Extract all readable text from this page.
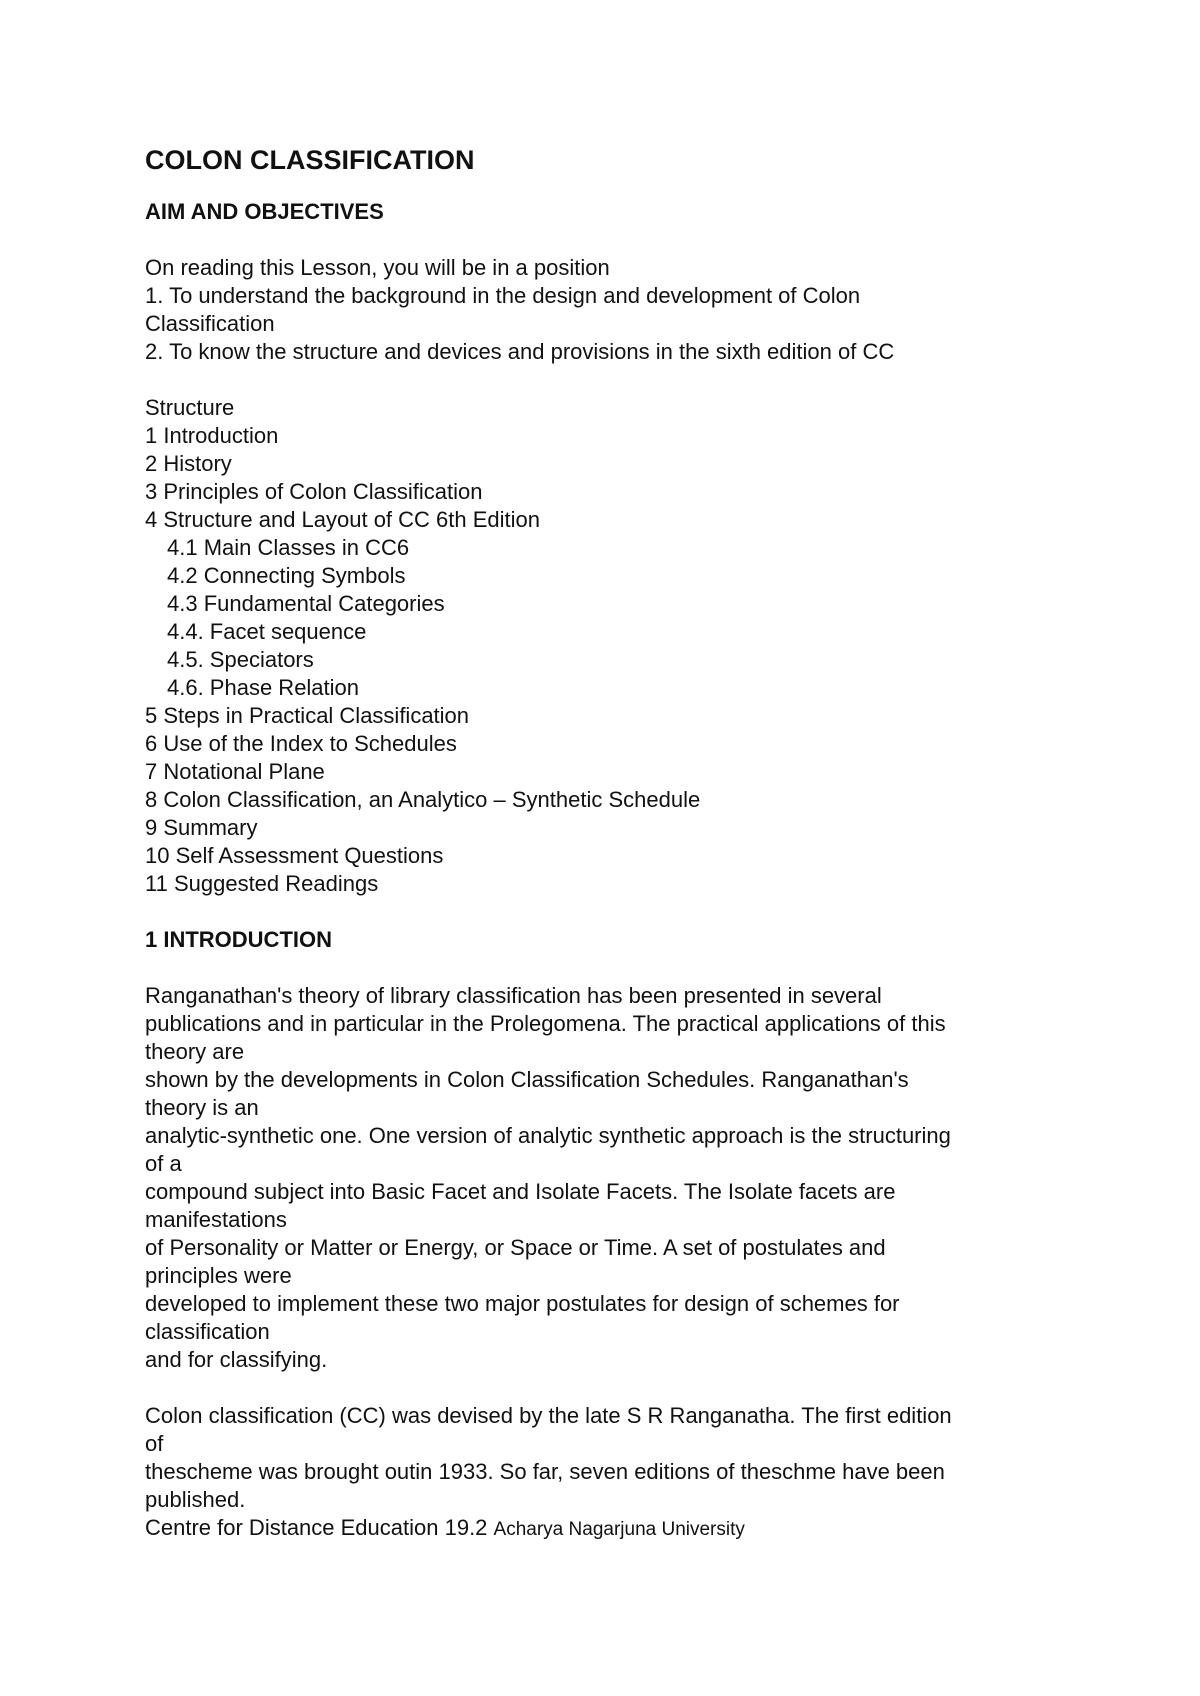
COLON CLASSIFICATION
AIM AND OBJECTIVES
On reading this Lesson, you will be in a position
1. To understand the background in the design and development of Colon
Classification
2. To know the structure and devices and provisions in the sixth edition of CC
Structure
1 Introduction
2 History
3 Principles of Colon Classification
4 Structure and Layout of CC 6th Edition
4.1 Main Classes in CC6
4.2 Connecting Symbols
4.3 Fundamental Categories
4.4. Facet sequence
4.5. Speciators
4.6. Phase Relation
5 Steps in Practical Classification
6 Use of the Index to Schedules
7 Notational Plane
8 Colon Classification, an Analytico – Synthetic Schedule
9 Summary
10 Self Assessment Questions
11 Suggested Readings
1 INTRODUCTION
Ranganathan's theory of library classification has been presented in several
publications and in particular in the Prolegomena. The practical applications of this
theory are
shown by the developments in Colon Classification Schedules. Ranganathan's
theory is an
analytic-synthetic one. One version of analytic synthetic approach is the structuring
of a
compound subject into Basic Facet and Isolate Facets. The Isolate facets are
manifestations
of Personality or Matter or Energy, or Space or Time. A set of postulates and
principles were
developed to implement these two major postulates for design of schemes for
classification
and for classifying.
Colon classification (CC) was devised by the late S R Ranganatha. The first edition
of
thescheme was brought outin 1933. So far, seven editions of theschme have been
published.
Centre for Distance Education 19.2 Acharya Nagarjuna University
